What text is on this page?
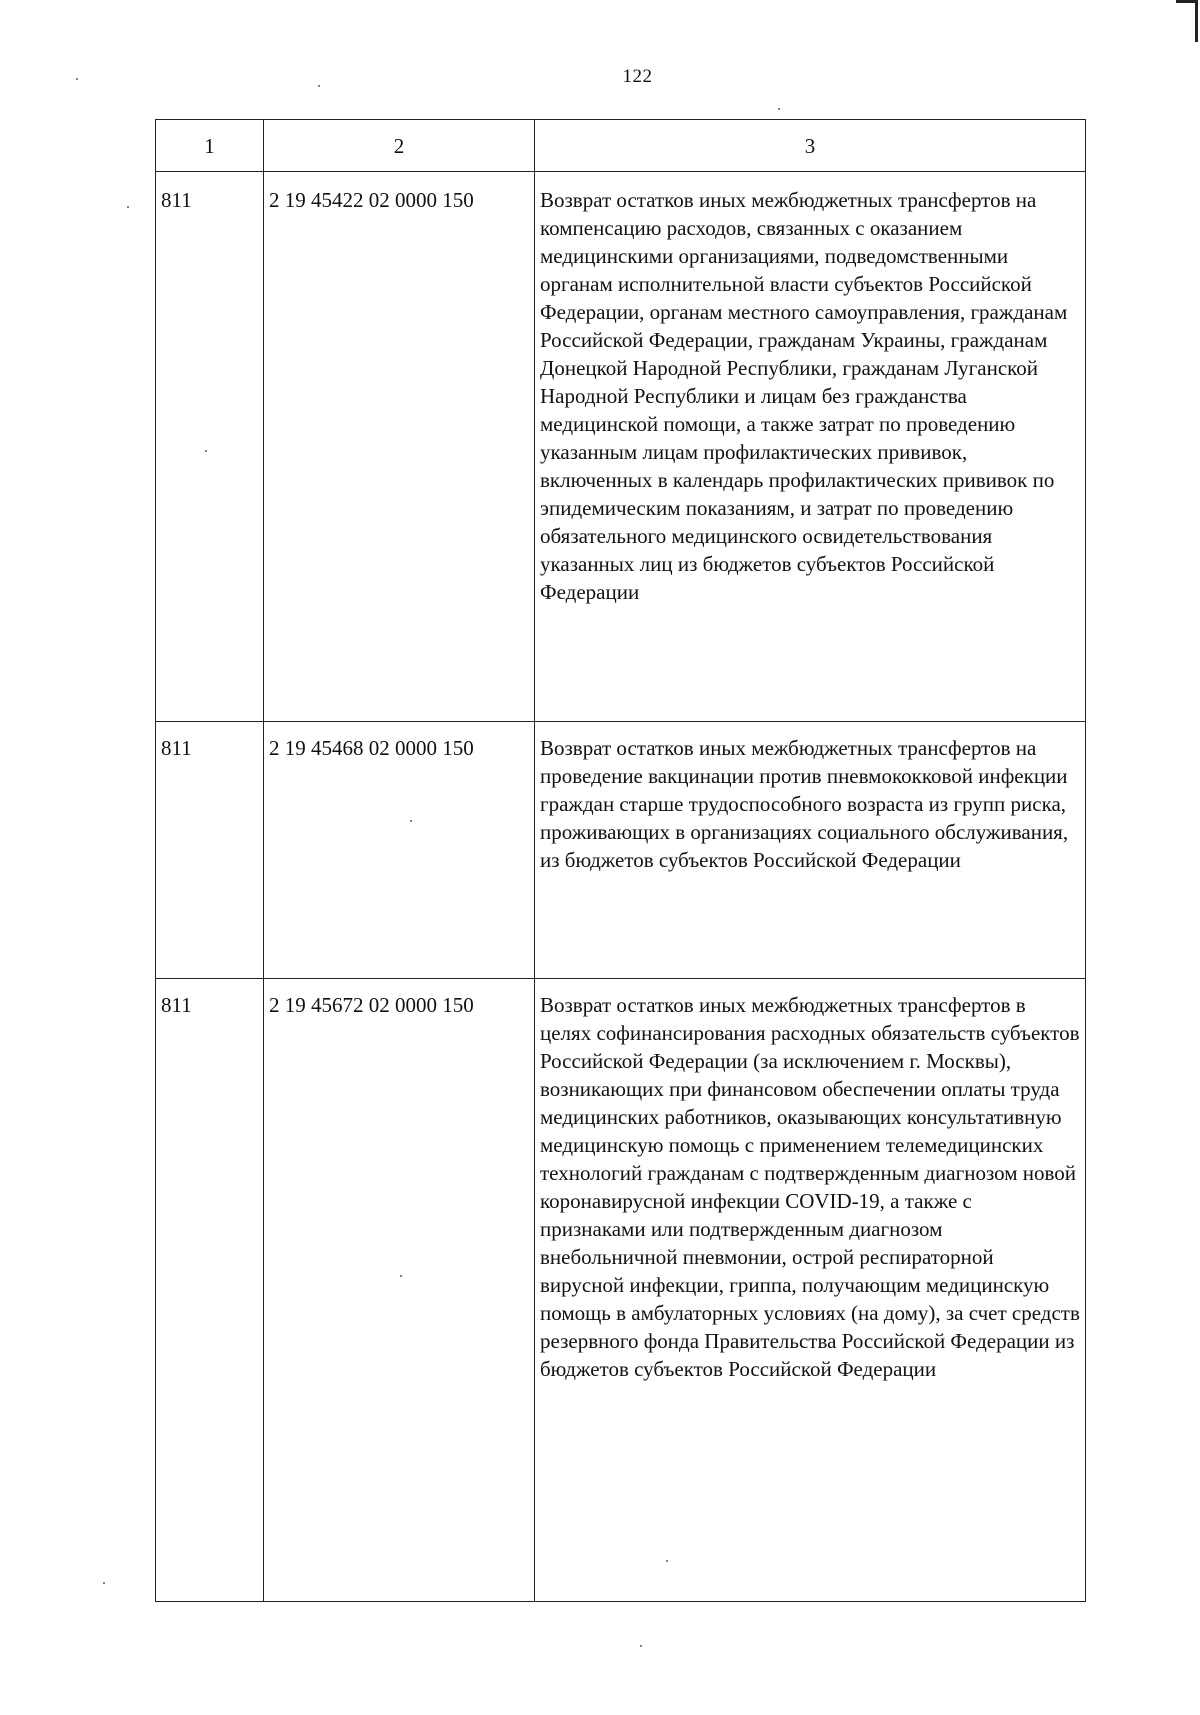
122
1	2	3
811	2 19 45422 02 0000 150	Возврат остатков иных межбюджетных трансфертов на компенсацию расходов, связанных с оказанием медицинскими организациями, подведомственными органам исполнительной власти субъектов Российской Федерации, органам местного самоуправления, гражданам Российской Федерации, гражданам Украины, гражданам Донецкой Народной Республики, гражданам Луганской Народной Республики и лицам без гражданства медицинской помощи, а также затрат по проведению указанным лицам профилактических прививок, включенных в календарь профилактических прививок по эпидемическим показаниям, и затрат по проведению обязательного медицинского освидетельствования указанных лиц из бюджетов субъектов Российской Федерации
811	2 19 45468 02 0000 150	Возврат остатков иных межбюджетных трансфертов на проведение вакцинации против пневмококковой инфекции граждан старше трудоспособного возраста из групп риска, проживающих в организациях социального обслуживания, из бюджетов субъектов Российской Федерации
811	2 19 45672 02 0000 150	Возврат остатков иных межбюджетных трансфертов в целях софинансирования расходных обязательств субъектов Российской Федерации (за исключением г. Москвы), возникающих при финансовом обеспечении оплаты труда медицинских работников, оказывающих консультативную медицинскую помощь с применением телемедицинских технологий гражданам с подтвержденным диагнозом новой коронавирусной инфекции COVID-19, а также с признаками или подтвержденным диагнозом внебольничной пневмонии, острой респираторной вирусной инфекции, гриппа, получающим медицинскую помощь в амбулаторных условиях (на дому), за счет средств резервного фонда Правительства Российской Федерации из бюджетов субъектов Российской Федерации
